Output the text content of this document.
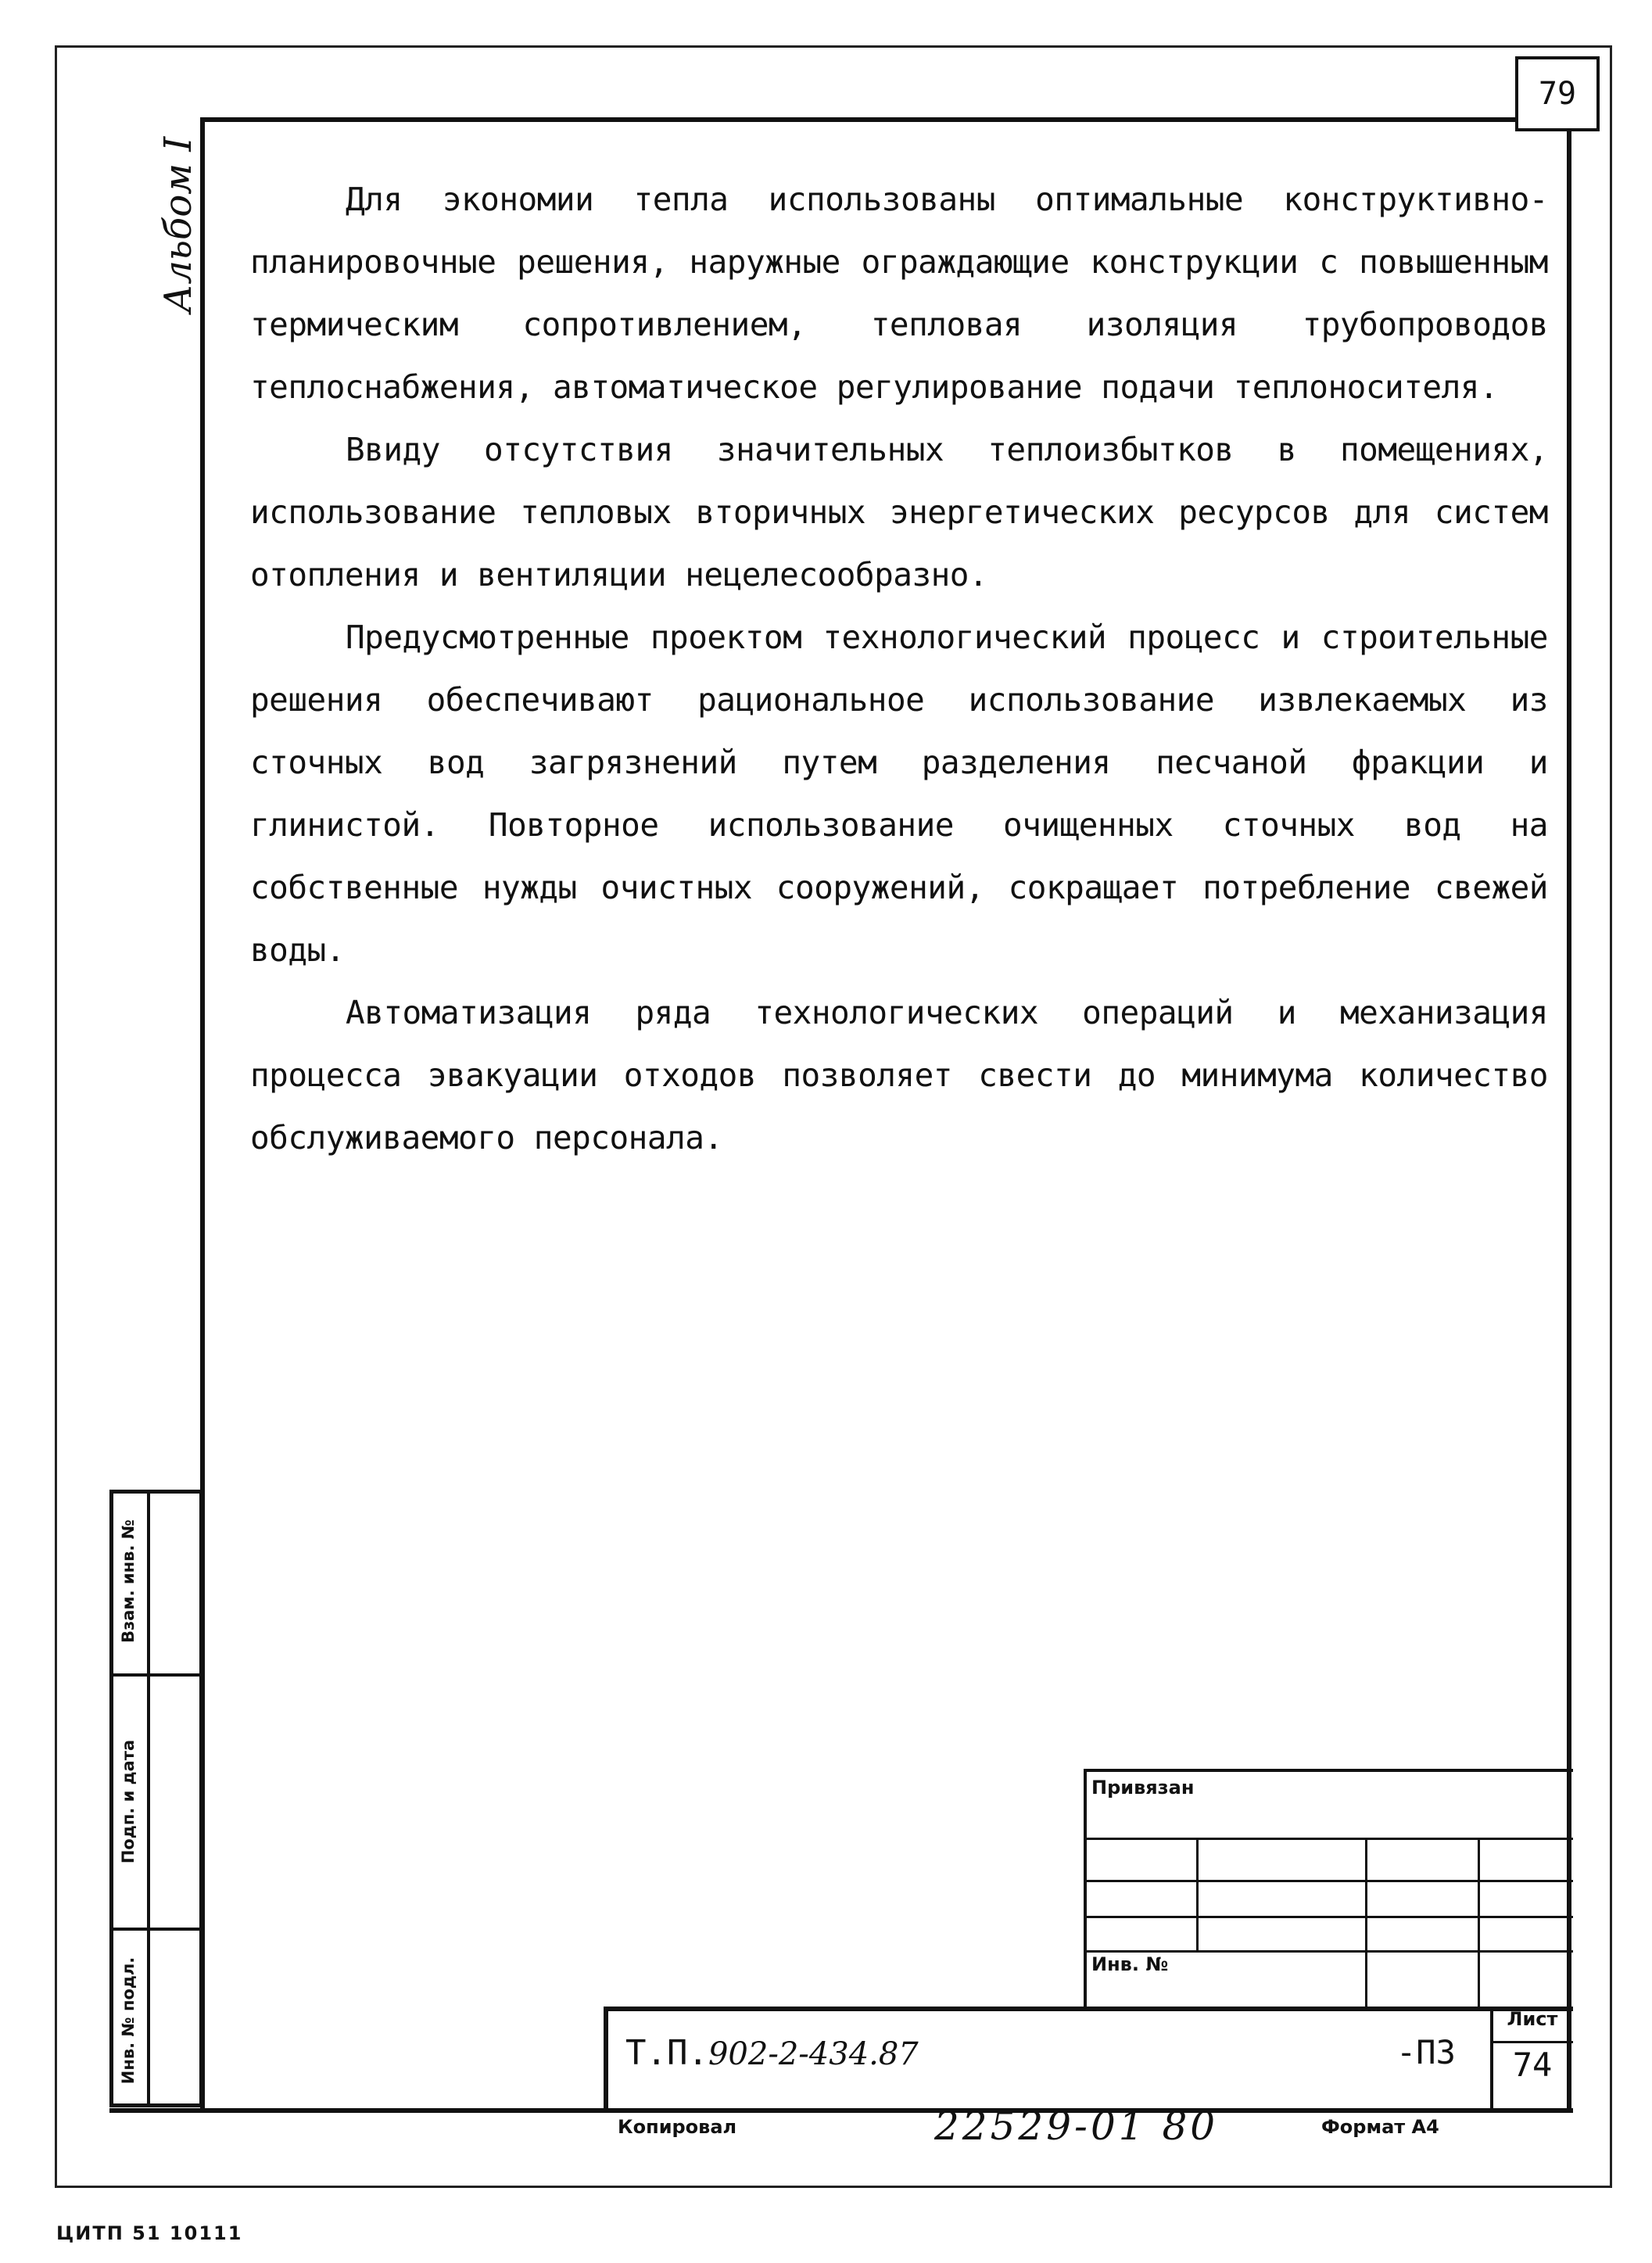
79
Альбом I	Для экономии тепла использованы оптимальные конструктивно-планировочные решения, наружные ограждающие конструкции с повышенным термическим сопротивлением, тепловая изоляция трубопроводов теплоснабжения, автоматическое регулирование подачи теплоносителя.

Ввиду отсутствия значительных теплоизбытков в помещениях, использование тепловых вторичных энергетических ресурсов для систем отопления и вентиляции нецелесообразно.

Предусмотренные проектом технологический процесс и строительные решения обеспечивают рациональное использование извлекаемых из сточных вод загрязнений путем разделения песчаной фракции и глинистой. Повторное использование очищенных сточных вод на собственные нужды очистных сооружений, сокращает потребление свежей воды.

Автоматизация ряда технологических операций и механизация процесса эвакуации отходов позволяет свести до минимума количество обслуживаемого персонала.

Взам. инв. №
Подп. и дата
Инв. № подл.
Привязан
Инв. №
Т.П.902-2-434.87	-ПЗ
Лист
74
Копировал	22529-01 80	Формат А4
ЦИТП 51 10111
